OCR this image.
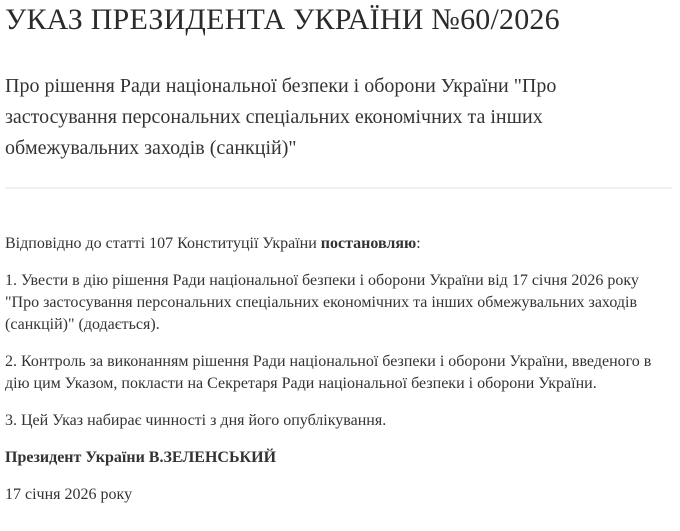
УКАЗ ПРЕЗИДЕНТА УКРАЇНИ №60/2026

Про рішення Ради національної безпеки і оборони України "Про застосування персональних спеціальних економічних та інших обмежувальних заходів (санкцій)"

Відповідно до статті 107 Конституції України постановляю:

1. Увести в дію рішення Ради національної безпеки і оборони України від 17 січня 2026 року "Про застосування персональних спеціальних економічних та інших обмежувальних заходів (санкцій)" (додається).

2. Контроль за виконанням рішення Ради національної безпеки і оборони України, введеного в дію цим Указом, покласти на Секретаря Ради національної безпеки і оборони України.

3. Цей Указ набирає чинності з дня його опублікування.

Президент України В.ЗЕЛЕНСЬКИЙ

17 січня 2026 року
